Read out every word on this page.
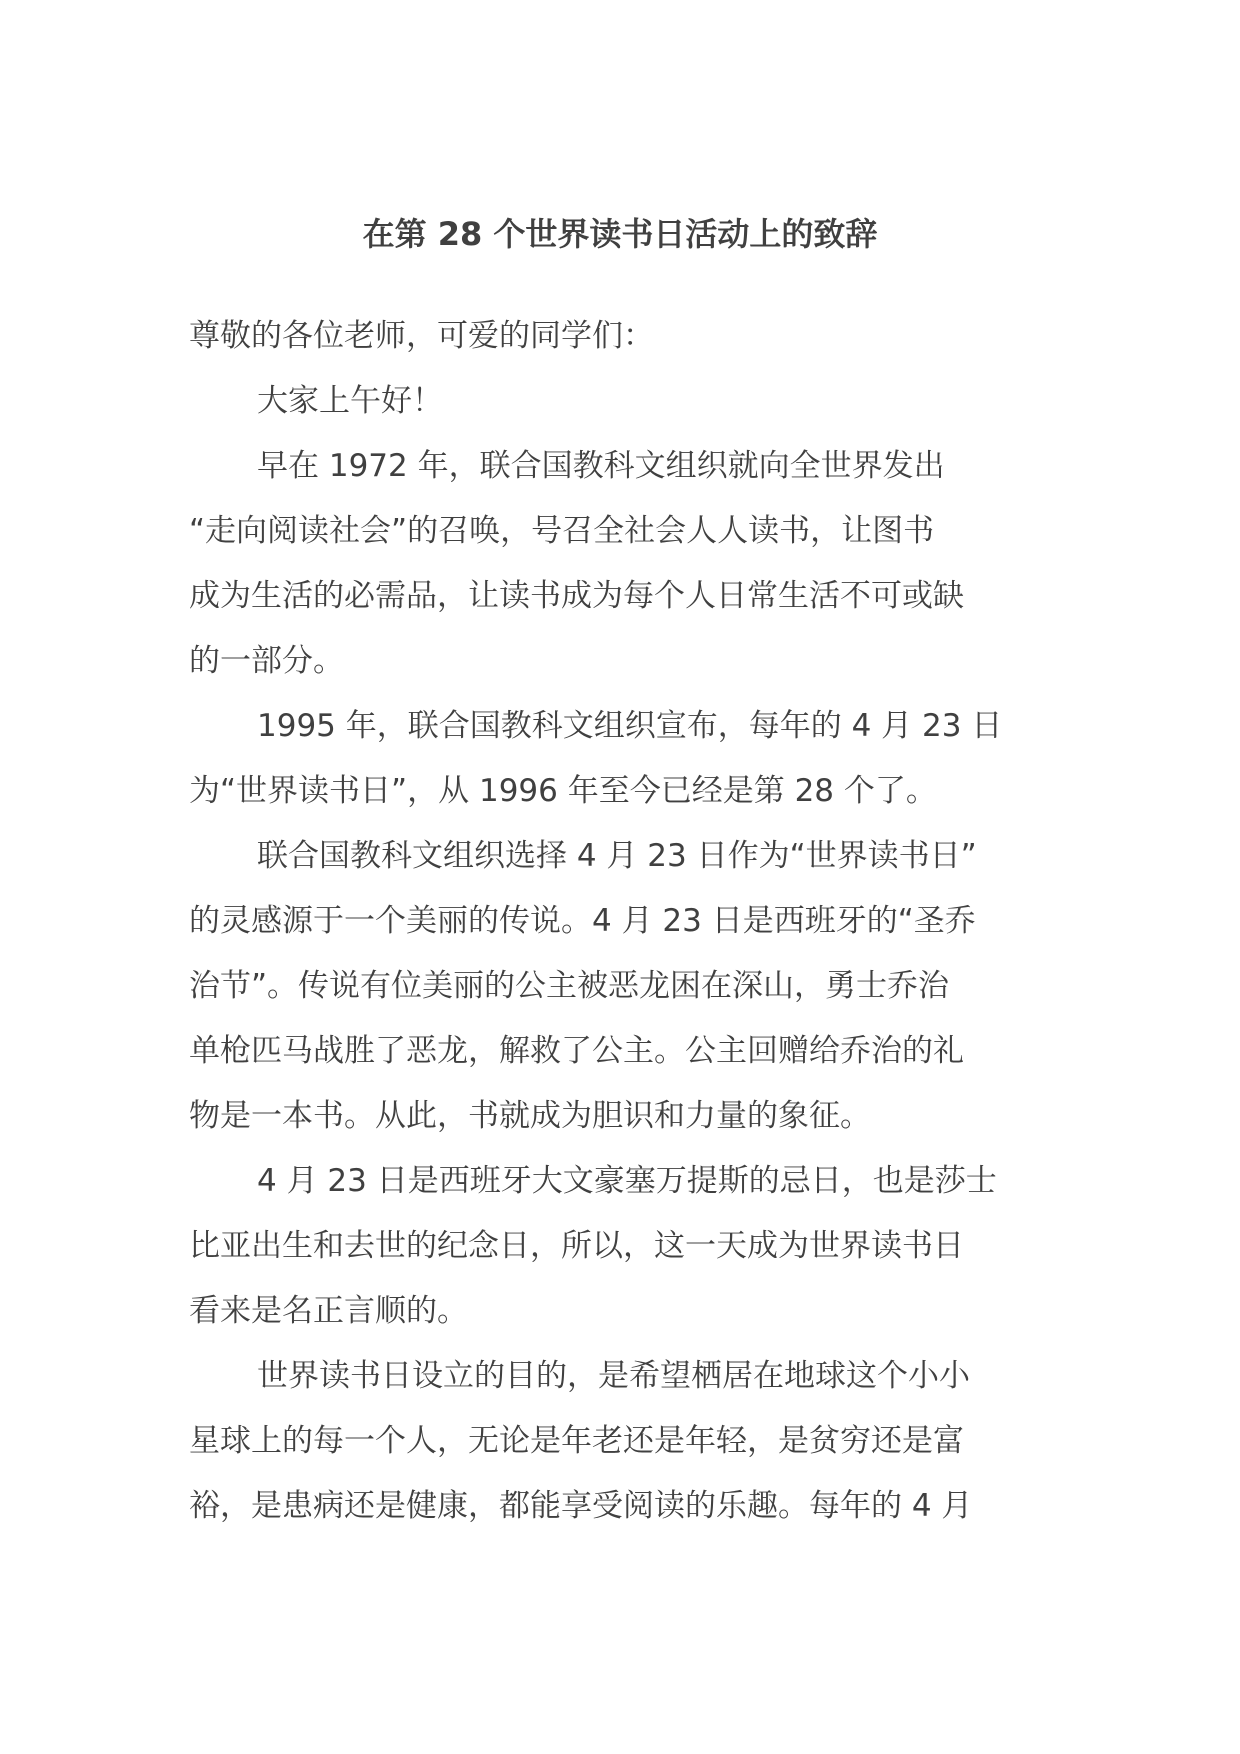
在第 28 个世界读书日活动上的致辞
尊敬的各位老师，可爱的同学们：
大家上午好！
早在 1972 年，联合国教科文组织就向全世界发出
“走向阅读社会”的召唤，号召全社会人人读书，让图书
成为生活的必需品，让读书成为每个人日常生活不可或缺
的一部分。
1995 年，联合国教科文组织宣布，每年的 4 月 23 日
为“世界读书日”，从 1996 年至今已经是第 28 个了。
联合国教科文组织选择 4 月 23 日作为“世界读书日”
的灵感源于一个美丽的传说。4 月 23 日是西班牙的“圣乔
治节”。传说有位美丽的公主被恶龙困在深山，勇士乔治
单枪匹马战胜了恶龙，解救了公主。公主回赠给乔治的礼
物是一本书。从此，书就成为胆识和力量的象征。
4 月 23 日是西班牙大文豪塞万提斯的忌日，也是莎士
比亚出生和去世的纪念日，所以，这一天成为世界读书日
看来是名正言顺的。
世界读书日设立的目的，是希望栖居在地球这个小小
星球上的每一个人，无论是年老还是年轻，是贫穷还是富
裕，是患病还是健康，都能享受阅读的乐趣。每年的 4 月
